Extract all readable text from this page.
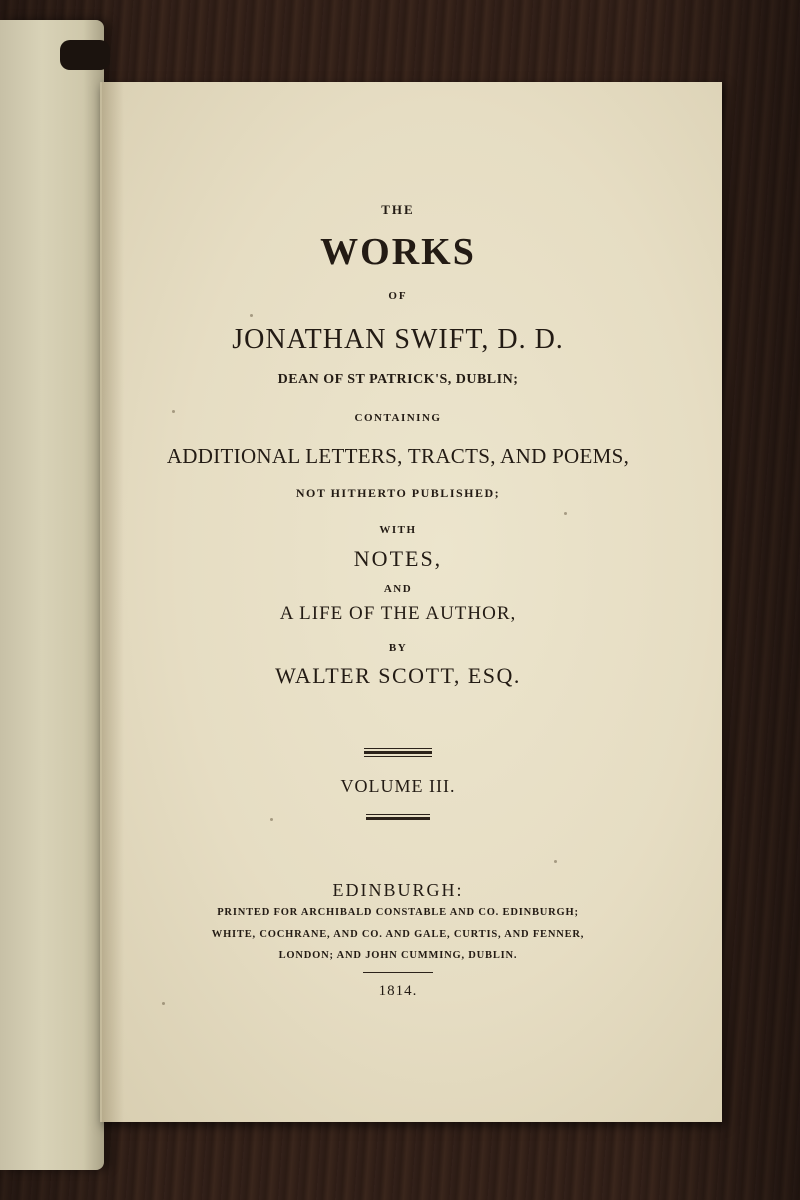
THE
WORKS
OF
JONATHAN SWIFT, D. D.
DEAN OF ST PATRICK'S, DUBLIN;
CONTAINING
ADDITIONAL LETTERS, TRACTS, AND POEMS,
NOT HITHERTO PUBLISHED;
WITH
NOTES,
AND
A LIFE OF THE AUTHOR,
BY
WALTER SCOTT, ESQ.
VOLUME III.
EDINBURGH:
PRINTED FOR ARCHIBALD CONSTABLE AND CO. EDINBURGH;
WHITE, COCHRANE, AND CO. AND GALE, CURTIS, AND FENNER,
LONDON; AND JOHN CUMMING, DUBLIN.
1814.
